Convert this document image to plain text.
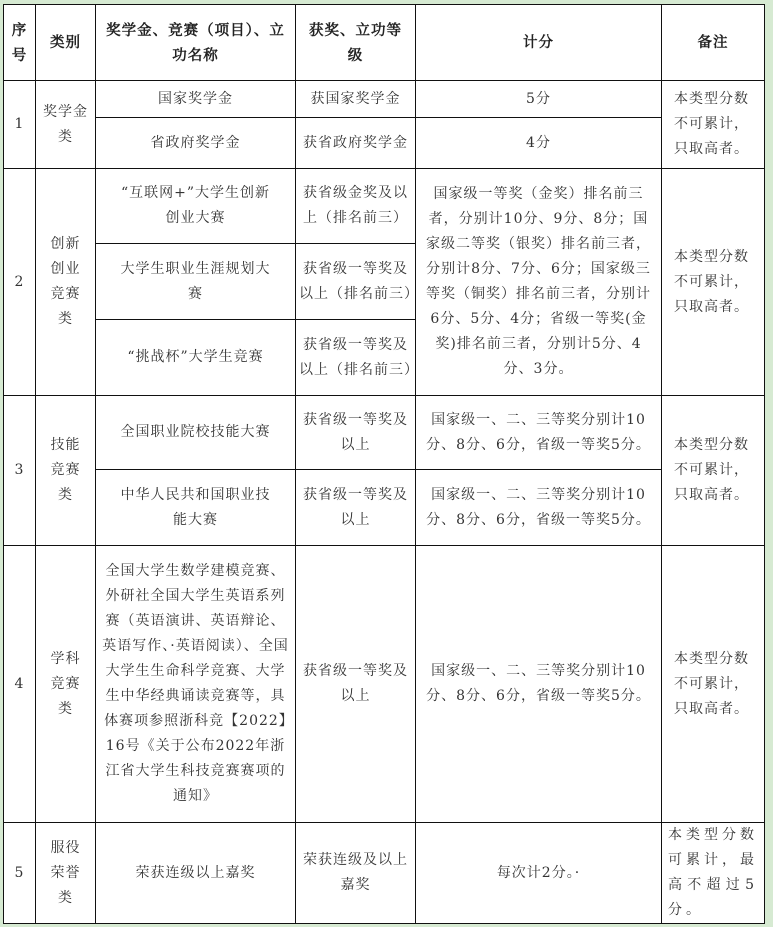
序号	类别	奖学金、竞赛（项目）、立功名称	获奖、立功等级	计分	备注
1	奖学金类	国家奖学金	获国家奖学金	5分	本类型分数不可累计，只取高者。
		省政府奖学金	获省政府奖学金	4分	
2	创新创业竞赛类	“互联网+”大学生创新创业大赛	获省级金奖及以上（排名前三）	国家级一等奖（金奖）排名前三者，分别计10分、9分、8分；国家级二等奖（银奖）排名前三者，分别计8分、7分、6分；国家级三等奖（铜奖）排名前三者，分别计6分、5分、4分；省级一等奖(金奖)排名前三者，分别计5分、4分、3分。	本类型分数不可累计，只取高者。
		大学生职业生涯规划大赛	获省级一等奖及以上（排名前三）		
		“挑战杯”大学生竞赛	获省级一等奖及以上（排名前三）		
3	技能竞赛类	全国职业院校技能大赛	获省级一等奖及以上	国家级一、二、三等奖分别计10分、8分、6分，省级一等奖5分。	本类型分数不可累计，只取高者。
		中华人民共和国职业技能大赛	获省级一等奖及以上	国家级一、二、三等奖分别计10分、8分、6分，省级一等奖5分。	
4	学科竞赛类	全国大学生数学建模竞赛、外研社全国大学生英语系列赛（英语演讲、英语辩论、英语写作、·英语阅读）、全国大学生生命科学竞赛、大学生中华经典诵读竞赛等，具体赛项参照浙科竞【2022】16号《关于公布2022年浙江省大学生科技竞赛赛项的通知》	获省级一等奖及以上	国家级一、二、三等奖分别计10分、8分、6分，省级一等奖5分。	本类型分数不可累计，只取高者。
5	服役荣誉类	荣获连级以上嘉奖	荣获连级及以上嘉奖	每次计2分。·	本类型分数可累计，最高不超过5分。
